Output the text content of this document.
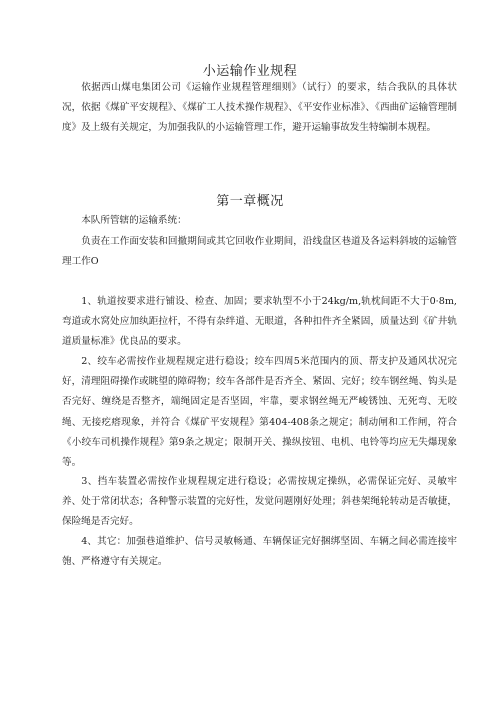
小运输作业规程

依据西山煤电集团公司《运输作业规程管理细则》（试行）的要求，结合我队的具体状况，依据《煤矿平安规程》、《煤矿工人技术操作规程》、《平安作业标准》、《西曲矿运输管理制度》及上级有关规定，为加强我队的小运输管理工作，避开运输事故发生特编制本规程。

第一章概况

本队所管辖的运输系统：

负责在工作面安装和回撤期间或其它回收作业期间，沿线盘区巷道及各运料斜坡的运输管理工作O

1、轨道按要求进行铺设、检查、加固；要求轨型不小于24kg/m,轨枕间距不大于0·8m,弯道或水窝处应加纨距拉杆，不得有杂绊道、无眼道，各种扣件齐全紧固，质量达到《矿井轨道质量标准》优良品的要求。

2、绞车必需按作业规程规定进行稳设；绞车四周5米范围内的顶、帮支护及通风状况完好，清理阻碍操作或眺望的障碍物；绞车各部件是否齐全、紧固、完好；绞车钢丝绳、钩头是否完好、缠绕是否整齐，端绳固定是否坚固，牢靠，要求钢丝绳无严峻锈蚀、无死弯、无咬绳、无接疙瘩现象，并符合《煤矿平安规程》第404-408条之规定；制动闸和工作闸，符合《小绞车司机操作规程》第9条之规定；限制开关、操纵按钮、电机、电铃等均应无失爆现象等。

3、挡车装置必需按作业规程规定进行稳设；必需按规定操纵，必需保证完好、灵敏牢养、处于常闭状态；各种警示装置的完好性，发觉问题刚好处理；斜巷架绳轮转动是否敏捷，保险绳是否完好。

4、其它：加强巷道维护、信号灵敏畅通、车辆保证完好捆绑坚固、车辆之间必需连接牢匏、严格遵守有关规定。
